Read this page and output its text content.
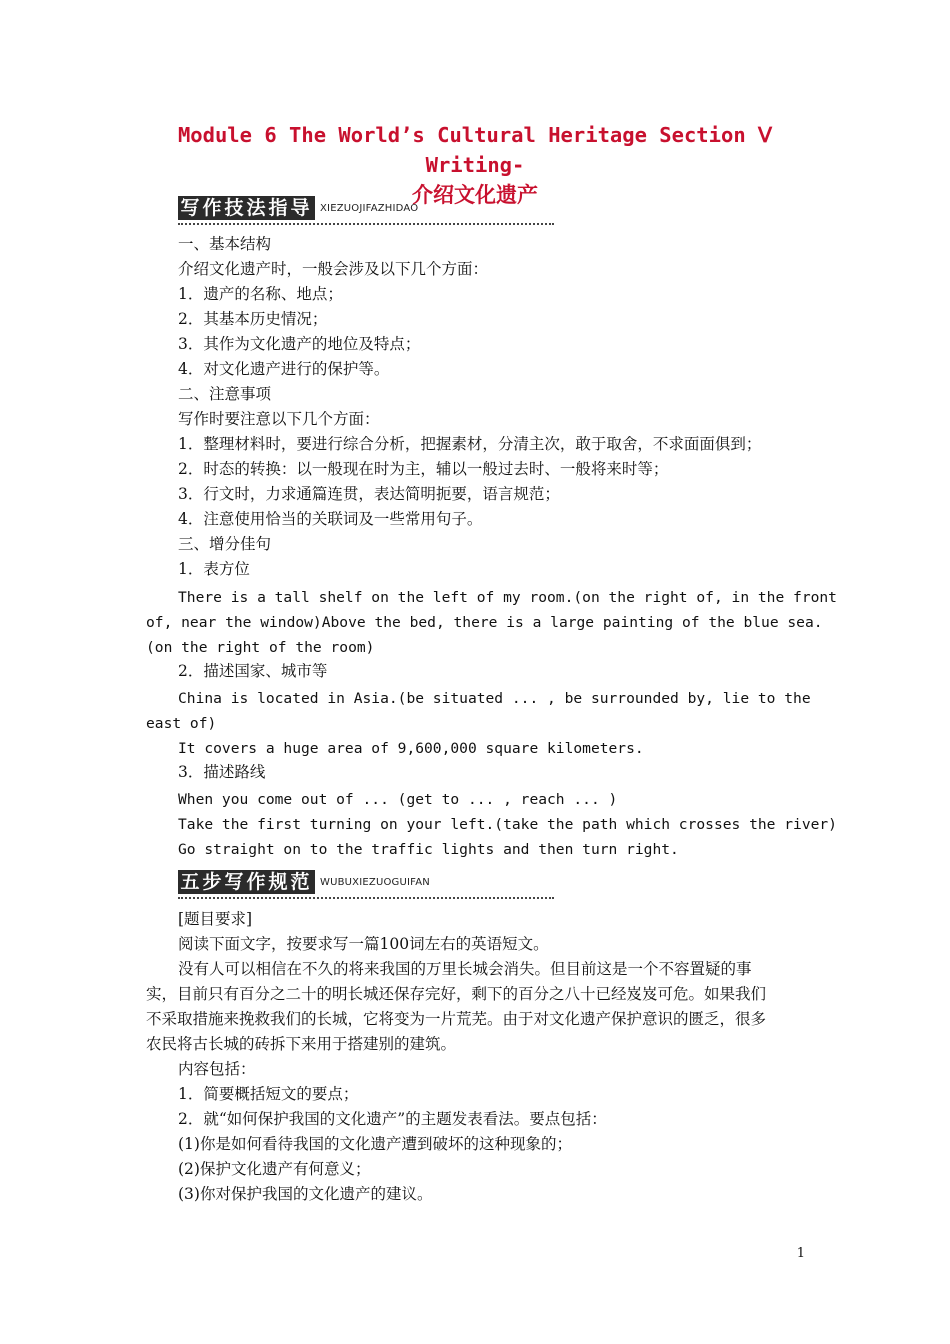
Module 6 The World’s Cultural Heritage Section Ⅴ Writing-
介绍文化遗产
写作技法指导 XIEZUOJIFAZHIDAO
一、基本结构
介绍文化遗产时，一般会涉及以下几个方面：
1．遗产的名称、地点；
2．其基本历史情况；
3．其作为文化遗产的地位及特点；
4．对文化遗产进行的保护等。
二、注意事项
写作时要注意以下几个方面：
1．整理材料时，要进行综合分析，把握素材，分清主次，敢于取舍，不求面面俱到；
2．时态的转换：以一般现在时为主，辅以一般过去时、一般将来时等；
3．行文时，力求通篇连贯，表达简明扼要，语言规范；
4．注意使用恰当的关联词及一些常用句子。
三、增分佳句
1．表方位
There is a tall shelf on the left of my room.(on the right of, in the front
of, near the window)Above the bed, there is a large painting of the blue sea.
(on the right of the room)
2．描述国家、城市等
China is located in Asia.(be situated ... , be surrounded by, lie to the
east of)
It covers a huge area of 9,600,000 square kilometers.
3．描述路线
When you come out of ... (get to ... , reach ... )
Take the first turning on your left.(take the path which crosses the river)
Go straight on to the traffic lights and then turn right.
五步写作规范 WUBUXIEZUOGUIFAN
[题目要求]
阅读下面文字，按要求写一篇100词左右的英语短文。
没有人可以相信在不久的将来我国的万里长城会消失。但目前这是一个不容置疑的事
实，目前只有百分之二十的明长城还保存完好，剩下的百分之八十已经岌岌可危。如果我们
不采取措施来挽救我们的长城，它将变为一片荒芜。由于对文化遗产保护意识的匮乏，很多
农民将古长城的砖拆下来用于搭建别的建筑。
内容包括：
1．简要概括短文的要点；
2．就“如何保护我国的文化遗产”的主题发表看法。要点包括：
(1)你是如何看待我国的文化遗产遭到破坏的这种现象的；
(2)保护文化遗产有何意义；
(3)你对保护我国的文化遗产的建议。
1
